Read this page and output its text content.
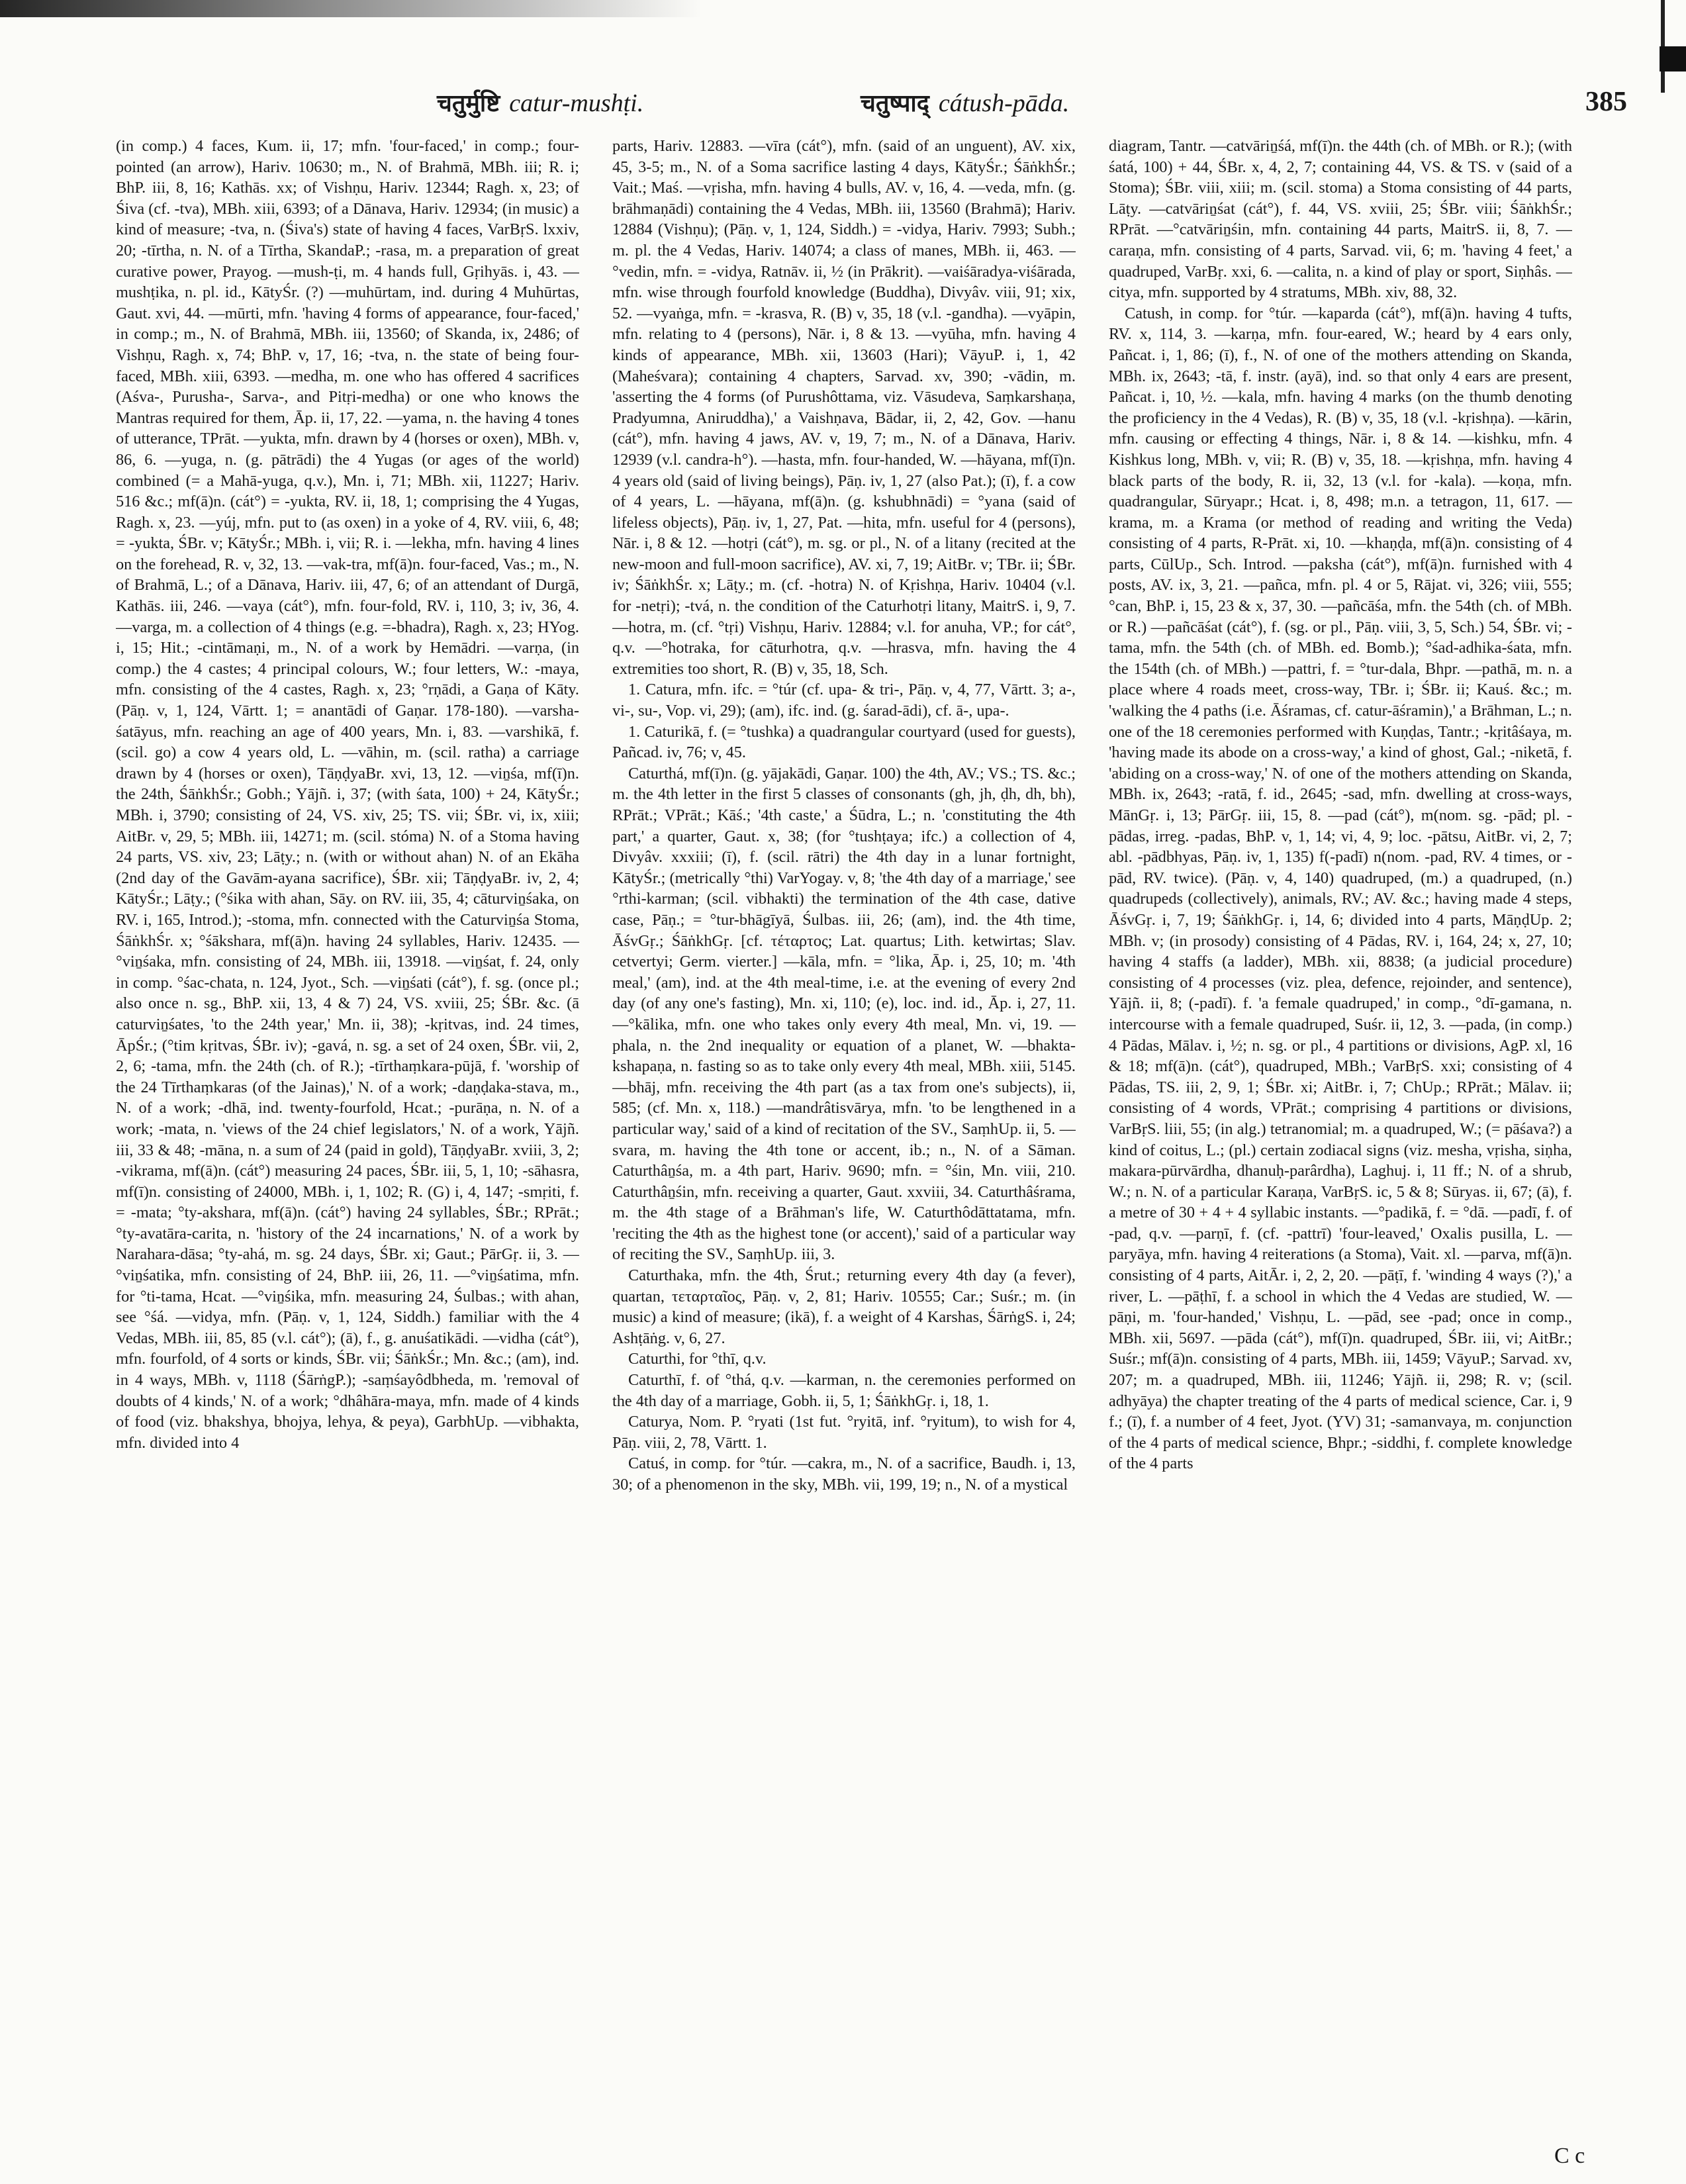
चतुर्मुष्टि catur-mushṭi.	चतुष्पाद् cátush-pāda.	385

(in comp.) 4 faces, Kum. ii, 17; mfn. 'four-faced,' in comp.; four-pointed (an arrow), Hariv. 10630; m., N. of Brahmā, MBh. iii; R. i; BhP. iii, 8, 16; Kathās. xx; of Vishṇu, Hariv. 12344; Ragh. x, 23; of Śiva (cf. -tva), MBh. xiii, 6393; of a Dānava, Hariv. 12934; (in music) a kind of measure; -tva, n. (Śiva's) state of having 4 faces, VarBṛS. lxxiv, 20; -tīrtha, n. N. of a Tīrtha, SkandaP.; -rasa, m. a preparation of great curative power, Prayog. —mush-ṭi, m. 4 hands full, Gṛihyās. i, 43. —mushṭika, n. pl. id., KātyŚr. (?) —muhūrtam, ind. during 4 Muhūrtas, Gaut. xvi, 44. —mūrti, mfn. 'having 4 forms of appearance, four-faced,' in comp.; m., N. of Brahmā, MBh. iii, 13560; of Skanda, ix, 2486; of Vishṇu, Ragh. x, 74; BhP. v, 17, 16; -tva, n. the state of being four-faced, MBh. xiii, 6393. —medha, m. one who has offered 4 sacrifices (Aśva-, Purusha-, Sarva-, and Pitṛi-medha) or one who knows the Mantras required for them, Āp. ii, 17, 22. —yama, n. the having 4 tones of utterance, TPrāt. —yukta, mfn. drawn by 4 (horses or oxen), MBh. v, 86, 6. —yuga, n. (g. pātrādi) the 4 Yugas (or ages of the world) combined (= a Mahā-yuga, q.v.), Mn. i, 71; MBh. xii, 11227; Hariv. 516 &c.; mf(ā)n. (cát°) = -yukta, RV. ii, 18, 1; comprising the 4 Yugas, Ragh. x, 23. —yúj, mfn. put to (as oxen) in a yoke of 4, RV. viii, 6, 48; = -yukta, ŚBr. v; KātyŚr.; MBh. i, vii; R. i. —lekha, mfn. having 4 lines on the forehead, R. v, 32, 13. —vak-tra, mf(ā)n. four-faced, Vas.; m., N. of Brahmā, L.; of a Dānava, Hariv. iii, 47, 6; of an attendant of Durgā, Kathās. iii, 246. —vaya (cát°), mfn. four-fold, RV. i, 110, 3; iv, 36, 4. —varga, m. a collection of 4 things (e.g. =-bhadra), Ragh. x, 23; HYog. i, 15; Hit.; -cintāmaṇi, m., N. of a work by Hemādri. —varṇa, (in comp.) the 4 castes; 4 principal colours, W.; four letters, W.: -maya, mfn. consisting of the 4 castes, Ragh. x, 23; °rṇādi, a Gaṇa of Kāty. (Pāṇ. v, 1, 124, Vārtt. 1; = anantādi of Gaṇar. 178-180). —varsha-śatāyus, mfn. reaching an age of 400 years, Mn. i, 83. —varshikā, f. (scil. go) a cow 4 years old, L. —vāhin, m. (scil. ratha) a carriage drawn by 4 (horses or oxen), TāṇḍyaBr. xvi, 13, 12. —viṉśa, mf(ī)n. the 24th, ŚāṅkhŚr.; Gobh.; Yājñ. i, 37; (with śata, 100) + 24, KātyŚr.; MBh. i, 3790; consisting of 24, VS. xiv, 25; TS. vii; ŚBr. vi, ix, xiii; AitBr. v, 29, 5; MBh. iii, 14271; m. (scil. stóma) N. of a Stoma having 24 parts, VS. xiv, 23; Lāṭy.; n. (with or without ahan) N. of an Ekāha (2nd day of the Gavām-ayana sacrifice), ŚBr. xii; TāṇḍyaBr. iv, 2, 4; KātyŚr.; Lāṭy.; (°śika with ahan, Sāy. on RV. iii, 35, 4; cāturviṉśaka, on RV. i, 165, Introd.); -stoma, mfn. connected with the Caturviṉśa Stoma, ŚāṅkhŚr. x; °śākshara, mf(ā)n. having 24 syllables, Hariv. 12435. —°viṉśaka, mfn. consisting of 24, MBh. iii, 13918. —viṉśat, f. 24, only in comp. °śac-chata, n. 124, Jyot., Sch. —viṉśati (cát°), f. sg. (once pl.; also once n. sg., BhP. xii, 13, 4 & 7) 24, VS. xviii, 25; ŚBr. &c. (ā caturviṉśates, 'to the 24th year,' Mn. ii, 38); -kṛitvas, ind. 24 times, ĀpŚr.; (°tim kṛitvas, ŚBr. iv); -gavá, n. sg. a set of 24 oxen, ŚBr. vii, 2, 2, 6; -tama, mfn. the 24th (ch. of R.); -tīrthaṃkara-pūjā, f. 'worship of the 24 Tīrthaṃkaras (of the Jainas),' N. of a work; -daṇḍaka-stava, m., N. of a work; -dhā, ind. twenty-fourfold, Hcat.; -purāṇa, n. N. of a work; -mata, n. 'views of the 24 chief legislators,' N. of a work, Yājñ. iii, 33 & 48; -māna, n. a sum of 24 (paid in gold), TāṇḍyaBr. xviii, 3, 2; -vikrama, mf(ā)n. (cát°) measuring 24 paces, ŚBr. iii, 5, 1, 10; -sāhasra, mf(ī)n. consisting of 24000, MBh. i, 1, 102; R. (G) i, 4, 147; -smṛiti, f. = -mata; °ty-akshara, mf(ā)n. (cát°) having 24 syllables, ŚBr.; RPrāt.; °ty-avatāra-carita, n. 'history of the 24 incarnations,' N. of a work by Narahara-dāsa; °ty-ahá, m. sg. 24 days, ŚBr. xi; Gaut.; PārGṛ. ii, 3. —°viṉśatika, mfn. consisting of 24, BhP. iii, 26, 11. —°viṉśatima, mfn. for °ti-tama, Hcat. —°viṉśika, mfn. measuring 24, Śulbas.; with ahan, see °śá. —vidya, mfn. (Pāṇ. v, 1, 124, Siddh.) familiar with the 4 Vedas, MBh. iii, 85, 85 (v.l. cát°); (ā), f., g. anuśatikādi. —vidha (cát°), mfn. fourfold, of 4 sorts or kinds, ŚBr. vii; ŚāṅkŚr.; Mn. &c.; (am), ind. in 4 ways, MBh. v, 1118 (ŚārṅgP.); -saṃśayôdbheda, m. 'removal of doubts of 4 kinds,' N. of a work; °dhâhāra-maya, mfn. made of 4 kinds of food (viz. bhakshya, bhojya, lehya, & peya), GarbhUp. —vibhakta, mfn. divided into 4

parts, Hariv. 12883. —vīra (cát°), mfn. (said of an unguent), AV. xix, 45, 3-5; m., N. of a Soma sacrifice lasting 4 days, KātyŚr.; ŚāṅkhŚr.; Vait.; Maś. —vṛisha, mfn. having 4 bulls, AV. v, 16, 4. —veda, mfn. (g. brāhmaṇādi) containing the 4 Vedas, MBh. iii, 13560 (Brahmā); Hariv. 12884 (Vishṇu); (Pāṇ. v, 1, 124, Siddh.) = -vidya, Hariv. 7993; Subh.; m. pl. the 4 Vedas, Hariv. 14074; a class of manes, MBh. ii, 463. —°vedin, mfn. = -vidya, Ratnāv. ii, ½ (in Prākrit). —vaiśāradya-viśārada, mfn. wise through fourfold knowledge (Buddha), Divyâv. viii, 91; xix, 52. —vyaṅga, mfn. = -krasva, R. (B) v, 35, 18 (v.l. -gandha). —vyāpin, mfn. relating to 4 (persons), Nār. i, 8 & 13. —vyūha, mfn. having 4 kinds of appearance, MBh. xii, 13603 (Hari); VāyuP. i, 1, 42 (Maheśvara); containing 4 chapters, Sarvad. xv, 390; -vādin, m. 'asserting the 4 forms (of Purushôttama, viz. Vāsudeva, Saṃkarshaṇa, Pradyumna, Aniruddha),' a Vaishṇava, Bādar, ii, 2, 42, Gov. —hanu (cát°), mfn. having 4 jaws, AV. v, 19, 7; m., N. of a Dānava, Hariv. 12939 (v.l. candra-h°). —hasta, mfn. four-handed, W. —hāyana, mf(ī)n. 4 years old (said of living beings), Pāṇ. iv, 1, 27 (also Pat.); (ī), f. a cow of 4 years, L. —hāyana, mf(ā)n. (g. kshubhnādi) = °yana (said of lifeless objects), Pāṇ. iv, 1, 27, Pat. —hita, mfn. useful for 4 (persons), Nār. i, 8 & 12. —hotṛi (cát°), m. sg. or pl., N. of a litany (recited at the new-moon and full-moon sacrifice), AV. xi, 7, 19; AitBr. v; TBr. ii; ŚBr. iv; ŚāṅkhŚr. x; Lāṭy.; m. (cf. -hotra) N. of Kṛishṇa, Hariv. 10404 (v.l. for -netṛi); -tvá, n. the condition of the Caturhotṛi litany, MaitrS. i, 9, 7. —hotra, m. (cf. °tṛi) Vishṇu, Hariv. 12884; v.l. for anuha, VP.; for cát°, q.v. —°hotraka, for cāturhotra, q.v. —hrasva, mfn. having the 4 extremities too short, R. (B) v, 35, 18, Sch.

1. Catura, mfn. ifc. = °túr (cf. upa- & tri-, Pāṇ. v, 4, 77, Vārtt. 3; a-, vi-, su-, Vop. vi, 29); (am), ifc. ind. (g. śarad-ādi), cf. ā-, upa-.

1. Caturikā, f. (= °tushka) a quadrangular courtyard (used for guests), Pañcad. iv, 76; v, 45.

Caturthá, mf(ī)n. (g. yājakādi, Gaṇar. 100) the 4th, AV.; VS.; TS. &c.; m. the 4th letter in the first 5 classes of consonants (gh, jh, ḍh, dh, bh), RPrāt.; VPrāt.; Kāś.; '4th caste,' a Śūdra, L.; n. 'constituting the 4th part,' a quarter, Gaut. x, 38; (for °tushṭaya; ifc.) a collection of 4, Divyâv. xxxiii; (ī), f. (scil. rātri) the 4th day in a lunar fortnight, KātyŚr.; (metrically °thi) VarYogay. v, 8; 'the 4th day of a marriage,' see °rthi-karman; (scil. vibhakti) the termination of the 4th case, dative case, Pāṇ.; = °tur-bhāgīyā, Śulbas. iii, 26; (am), ind. the 4th time, ĀśvGṛ.; ŚāṅkhGṛ. [cf. τέταρτος; Lat. quartus; Lith. ketwirtas; Slav. cetvertyi; Germ. vierter.] —kāla, mfn. = °lika, Āp. i, 25, 10; m. '4th meal,' (am), ind. at the 4th meal-time, i.e. at the evening of every 2nd day (of any one's fasting), Mn. xi, 110; (e), loc. ind. id., Āp. i, 27, 11. —°kālika, mfn. one who takes only every 4th meal, Mn. vi, 19. —phala, n. the 2nd inequality or equation of a planet, W. —bhakta-kshapaṇa, n. fasting so as to take only every 4th meal, MBh. xiii, 5145. —bhāj, mfn. receiving the 4th part (as a tax from one's subjects), ii, 585; (cf. Mn. x, 118.) —mandrâtisvārya, mfn. 'to be lengthened in a particular way,' said of a kind of recitation of the SV., SaṃhUp. ii, 5. —svara, m. having the 4th tone or accent, ib.; n., N. of a Sāman. Caturthâṉśa, m. a 4th part, Hariv. 9690; mfn. = °śin, Mn. viii, 210. Caturthâṉśin, mfn. receiving a quarter, Gaut. xxviii, 34. Caturthâśrama, m. the 4th stage of a Brāhman's life, W. Caturthôdāttatama, mfn. 'reciting the 4th as the highest tone (or accent),' said of a particular way of reciting the SV., SaṃhUp. iii, 3.

Caturthaka, mfn. the 4th, Śrut.; returning every 4th day (a fever), quartan, τεταρταῖος, Pāṇ. v, 2, 81; Hariv. 10555; Car.; Suśr.; m. (in music) a kind of measure; (ikā), f. a weight of 4 Karshas, ŚārṅgS. i, 24; Ashṭāṅg. v, 6, 27.

Caturthi, for °thī, q.v.

Caturthī, f. of °thá, q.v. —karman, n. the ceremonies performed on the 4th day of a marriage, Gobh. ii, 5, 1; ŚāṅkhGṛ. i, 18, 1.

Caturya, Nom. P. °ryati (1st fut. °ryitā, inf. °ryitum), to wish for 4, Pāṇ. viii, 2, 78, Vārtt. 1.

Catuś, in comp. for °túr. —cakra, m., N. of a sacrifice, Baudh. i, 13, 30; of a phenomenon in the sky, MBh. vii, 199, 19; n., N. of a mystical

diagram, Tantr. —catvāriṉśá, mf(ī)n. the 44th (ch. of MBh. or R.); (with śatá, 100) + 44, ŚBr. x, 4, 2, 7; containing 44, VS. & TS. v (said of a Stoma); ŚBr. viii, xiii; m. (scil. stoma) a Stoma consisting of 44 parts, Lāṭy. —catvāriṉśat (cát°), f. 44, VS. xviii, 25; ŚBr. viii; ŚāṅkhŚr.; RPrāt. —°catvāriṉśin, mfn. containing 44 parts, MaitrS. ii, 8, 7. —caraṇa, mfn. consisting of 4 parts, Sarvad. vii, 6; m. 'having 4 feet,' a quadruped, VarBṛ. xxi, 6. —calita, n. a kind of play or sport, Siṇhâs. —citya, mfn. supported by 4 stratums, MBh. xiv, 88, 32.

Catush, in comp. for °túr. —kaparda (cát°), mf(ā)n. having 4 tufts, RV. x, 114, 3. —karṇa, mfn. four-eared, W.; heard by 4 ears only, Pañcat. i, 1, 86; (ī), f., N. of one of the mothers attending on Skanda, MBh. ix, 2643; -tā, f. instr. (ayā), ind. so that only 4 ears are present, Pañcat. i, 10, ½. —kala, mfn. having 4 marks (on the thumb denoting the proficiency in the 4 Vedas), R. (B) v, 35, 18 (v.l. -kṛishṇa). —kārin, mfn. causing or effecting 4 things, Nār. i, 8 & 14. —kishku, mfn. 4 Kishkus long, MBh. v, vii; R. (B) v, 35, 18. —kṛishṇa, mfn. having 4 black parts of the body, R. ii, 32, 13 (v.l. for -kala). —koṇa, mfn. quadrangular, Sūryapr.; Hcat. i, 8, 498; m.n. a tetragon, 11, 617. —krama, m. a Krama (or method of reading and writing the Veda) consisting of 4 parts, R-Prāt. xi, 10. —khaṇḍa, mf(ā)n. consisting of 4 parts, CūlUp., Sch. Introd. —paksha (cát°), mf(ā)n. furnished with 4 posts, AV. ix, 3, 21. —pañca, mfn. pl. 4 or 5, Rājat. vi, 326; viii, 555; °can, BhP. i, 15, 23 & x, 37, 30. —pañcāśa, mfn. the 54th (ch. of MBh. or R.) —pañcāśat (cát°), f. (sg. or pl., Pāṇ. viii, 3, 5, Sch.) 54, ŚBr. vi; -tama, mfn. the 54th (ch. of MBh. ed. Bomb.); °śad-adhika-śata, mfn. the 154th (ch. of MBh.) —pattri, f. = °tur-dala, Bhpr. —pathā, m. n. a place where 4 roads meet, cross-way, TBr. i; ŚBr. ii; Kauś. &c.; m. 'walking the 4 paths (i.e. Āśramas, cf. catur-āśramin),' a Brāhman, L.; n. one of the 18 ceremonies performed with Kuṇḍas, Tantr.; -kṛitâśaya, m. 'having made its abode on a cross-way,' a kind of ghost, Gal.; -niketā, f. 'abiding on a cross-way,' N. of one of the mothers attending on Skanda, MBh. ix, 2643; -ratā, f. id., 2645; -sad, mfn. dwelling at cross-ways, MānGṛ. i, 13; PārGṛ. iii, 15, 8. —pad (cát°), m(nom. sg. -pād; pl. -pādas, irreg. -padas, BhP. v, 1, 14; vi, 4, 9; loc. -pātsu, AitBr. vi, 2, 7; abl. -pādbhyas, Pāṇ. iv, 1, 135) f(-padī) n(nom. -pad, RV. 4 times, or -pād, RV. twice). (Pāṇ. v, 4, 140) quadruped, (m.) a quadruped, (n.) quadrupeds (collectively), animals, RV.; AV. &c.; having made 4 steps, ĀśvGṛ. i, 7, 19; ŚāṅkhGṛ. i, 14, 6; divided into 4 parts, MāṇḍUp. 2; MBh. v; (in prosody) consisting of 4 Pādas, RV. i, 164, 24; x, 27, 10; having 4 staffs (a ladder), MBh. xii, 8838; (a judicial procedure) consisting of 4 processes (viz. plea, defence, rejoinder, and sentence), Yājñ. ii, 8; (-padī). f. 'a female quadruped,' in comp., °dī-gamana, n. intercourse with a female quadruped, Suśr. ii, 12, 3. —pada, (in comp.) 4 Pādas, Mālav. i, ½; n. sg. or pl., 4 partitions or divisions, AgP. xl, 16 & 18; mf(ā)n. (cát°), quadruped, MBh.; VarBṛS. xxi; consisting of 4 Pādas, TS. iii, 2, 9, 1; ŚBr. xi; AitBr. i, 7; ChUp.; RPrāt.; Mālav. ii; consisting of 4 words, VPrāt.; comprising 4 partitions or divisions, VarBṛS. liii, 55; (in alg.) tetranomial; m. a quadruped, W.; (= pāśava?) a kind of coitus, L.; (pl.) certain zodiacal signs (viz. mesha, vṛisha, siṇha, makara-pūrvārdha, dhanuḥ-parârdha), Laghuj. i, 11 ff.; N. of a shrub, W.; n. N. of a particular Karaṇa, VarBṛS. ic, 5 & 8; Sūryas. ii, 67; (ā), f. a metre of 30 + 4 + 4 syllabic instants. —°padikā, f. = °dā. —padī, f. of -pad, q.v. —parṇī, f. (cf. -pattrī) 'four-leaved,' Oxalis pusilla, L. —paryāya, mfn. having 4 reiterations (a Stoma), Vait. xl. —parva, mf(ā)n. consisting of 4 parts, AitĀr. i, 2, 2, 20. —pāṭī, f. 'winding 4 ways (?),' a river, L. —pāṭhī, f. a school in which the 4 Vedas are studied, W. —pāṇi, m. 'four-handed,' Vishṇu, L. —pād, see -pad; once in comp., MBh. xii, 5697. —pāda (cát°), mf(ī)n. quadruped, ŚBr. iii, vi; AitBr.; Suśr.; mf(ā)n. consisting of 4 parts, MBh. iii, 1459; VāyuP.; Sarvad. xv, 207; m. a quadruped, MBh. iii, 11246; Yājñ. ii, 298; R. v; (scil. adhyāya) the chapter treating of the 4 parts of medical science, Car. i, 9 f.; (ī), f. a number of 4 feet, Jyot. (YV) 31; -samanvaya, m. conjunction of the 4 parts of medical science, Bhpr.; -siddhi, f. complete knowledge of the 4 parts

C c
